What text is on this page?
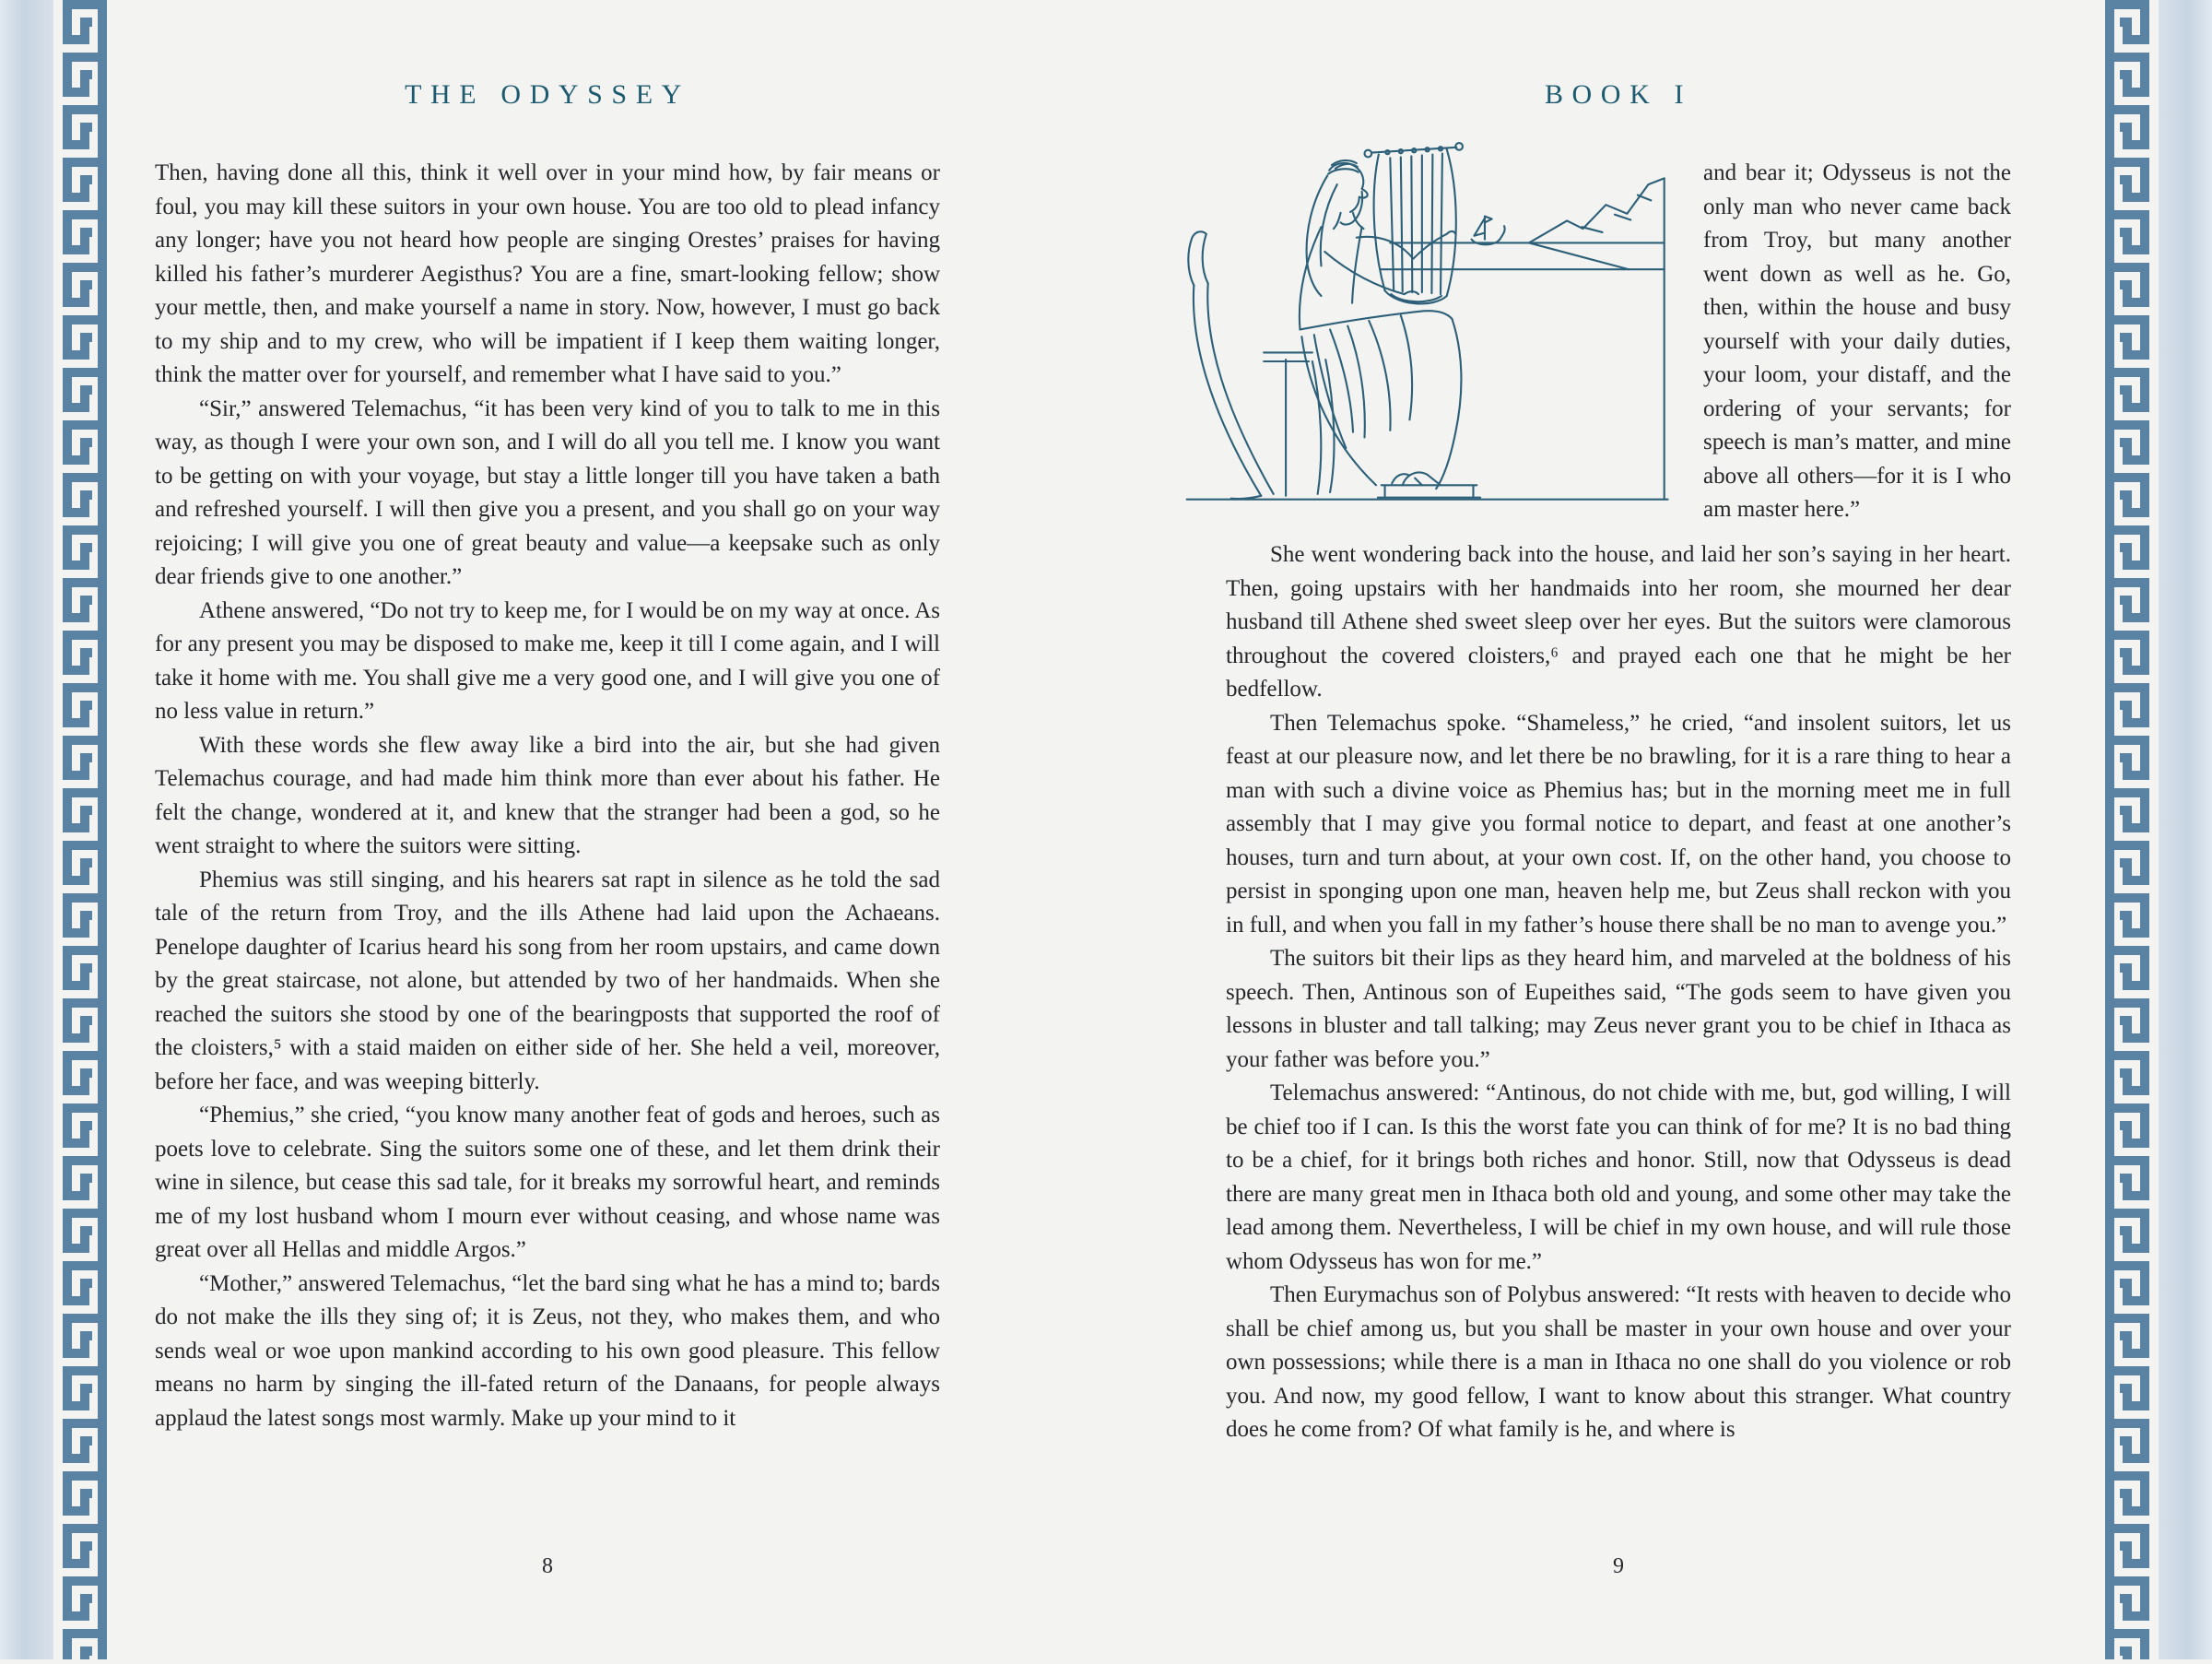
THE ODYSSEY

Then, having done all this, think it well over in your mind how, by fair means or foul, you may kill these suitors in your own house. You are too old to plead infancy any longer; have you not heard how people are singing Orestes’ praises for having killed his father’s murderer Aegisthus? You are a fine, smart-looking fellow; show your mettle, then, and make yourself a name in story. Now, however, I must go back to my ship and to my crew, who will be impatient if I keep them waiting longer, think the matter over for yourself, and remember what I have said to you.”

“Sir,” answered Telemachus, “it has been very kind of you to talk to me in this way, as though I were your own son, and I will do all you tell me. I know you want to be getting on with your voyage, but stay a little longer till you have taken a bath and refreshed yourself. I will then give you a present, and you shall go on your way rejoicing; I will give you one of great beauty and value—a keepsake such as only dear friends give to one another.”

Athene answered, “Do not try to keep me, for I would be on my way at once. As for any present you may be disposed to make me, keep it till I come again, and I will take it home with me. You shall give me a very good one, and I will give you one of no less value in return.”

With these words she flew away like a bird into the air, but she had given Telemachus courage, and had made him think more than ever about his father. He felt the change, wondered at it, and knew that the stranger had been a god, so he went straight to where the suitors were sitting.

Phemius was still singing, and his hearers sat rapt in silence as he told the sad tale of the return from Troy, and the ills Athene had laid upon the Achaeans. Penelope daughter of Icarius heard his song from her room upstairs, and came down by the great staircase, not alone, but attended by two of her handmaids. When she reached the suitors she stood by one of the bearingposts that supported the roof of the cloisters,⁵ with a staid maiden on either side of her. She held a veil, moreover, before her face, and was weeping bitterly.

“Phemius,” she cried, “you know many another feat of gods and heroes, such as poets love to celebrate. Sing the suitors some one of these, and let them drink their wine in silence, but cease this sad tale, for it breaks my sorrowful heart, and reminds me of my lost husband whom I mourn ever without ceasing, and whose name was great over all Hellas and middle Argos.”

“Mother,” answered Telemachus, “let the bard sing what he has a mind to; bards do not make the ills they sing of; it is Zeus, not they, who makes them, and who sends weal or woe upon mankind according to his own good pleasure. This fellow means no harm by singing the ill-fated return of the Danaans, for people always applaud the latest songs most warmly. Make up your mind to it

8
BOOK I

and bear it; Odysseus is not the only man who never came back from Troy, but many another went down as well as he. Go, then, within the house and busy yourself with your daily duties, your loom, your distaff, and the ordering of your servants; for speech is man’s matter, and mine above all others—for it is I who am master here.”

She went wondering back into the house, and laid her son’s saying in her heart. Then, going upstairs with her handmaids into her room, she mourned her dear husband till Athene shed sweet sleep over her eyes. But the suitors were clamorous throughout the covered cloisters,⁶ and prayed each one that he might be her bedfellow.

Then Telemachus spoke. “Shameless,” he cried, “and insolent suitors, let us feast at our pleasure now, and let there be no brawling, for it is a rare thing to hear a man with such a divine voice as Phemius has; but in the morning meet me in full assembly that I may give you formal notice to depart, and feast at one another’s houses, turn and turn about, at your own cost. If, on the other hand, you choose to persist in sponging upon one man, heaven help me, but Zeus shall reckon with you in full, and when you fall in my father’s house there shall be no man to avenge you.”

The suitors bit their lips as they heard him, and marveled at the boldness of his speech. Then, Antinous son of Eupeithes said, “The gods seem to have given you lessons in bluster and tall talking; may Zeus never grant you to be chief in Ithaca as your father was before you.”

Telemachus answered: “Antinous, do not chide with me, but, god willing, I will be chief too if I can. Is this the worst fate you can think of for me? It is no bad thing to be a chief, for it brings both riches and honor. Still, now that Odysseus is dead there are many great men in Ithaca both old and young, and some other may take the lead among them. Nevertheless, I will be chief in my own house, and will rule those whom Odysseus has won for me.”

Then Eurymachus son of Polybus answered: “It rests with heaven to decide who shall be chief among us, but you shall be master in your own house and over your own possessions; while there is a man in Ithaca no one shall do you violence or rob you. And now, my good fellow, I want to know about this stranger. What country does he come from? Of what family is he, and where is

9
